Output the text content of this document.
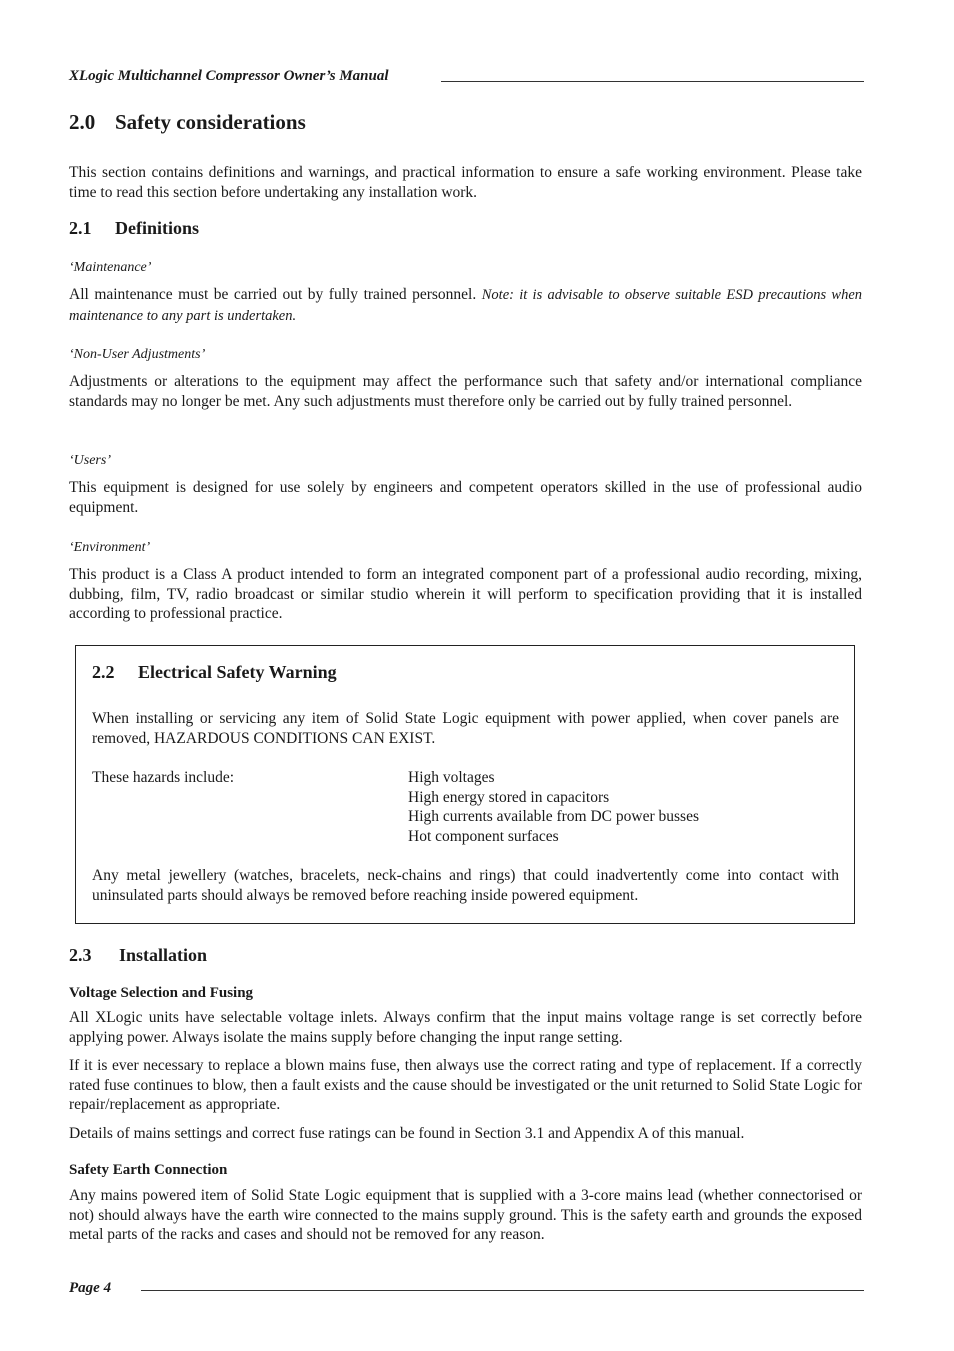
XLogic Multichannel Compressor Owner’s Manual
2.0 Safety considerations
This section contains definitions and warnings, and practical information to ensure a safe working environment. Please take time to read this section before undertaking any installation work.
2.1 Definitions
‘Maintenance’
All maintenance must be carried out by fully trained personnel. Note: it is advisable to observe suitable ESD precautions when maintenance to any part is undertaken.
‘Non-User Adjustments’
Adjustments or alterations to the equipment may affect the performance such that safety and/or international compliance standards may no longer be met. Any such adjustments must therefore only be carried out by fully trained personnel.
‘Users’
This equipment is designed for use solely by engineers and competent operators skilled in the use of professional audio equipment.
‘Environment’
This product is a Class A product intended to form an integrated component part of a professional audio recording, mixing, dubbing, film, TV, radio broadcast or similar studio wherein it will perform to specification providing that it is installed according to professional practice.
2.2 Electrical Safety Warning
When installing or servicing any item of Solid State Logic equipment with power applied, when cover panels are removed, HAZARDOUS CONDITIONS CAN EXIST.
These hazards include:	High voltages
High energy stored in capacitors
High currents available from DC power busses
Hot component surfaces
Any metal jewellery (watches, bracelets, neck-chains and rings) that could inadvertently come into contact with uninsulated parts should always be removed before reaching inside powered equipment.
2.3 Installation
Voltage Selection and Fusing
All XLogic units have selectable voltage inlets. Always confirm that the input mains voltage range is set correctly before applying power. Always isolate the mains supply before changing the input range setting.
If it is ever necessary to replace a blown mains fuse, then always use the correct rating and type of replacement. If a correctly rated fuse continues to blow, then a fault exists and the cause should be investigated or the unit returned to Solid State Logic for repair/replacement as appropriate.
Details of mains settings and correct fuse ratings can be found in Section 3.1 and Appendix A of this manual.
Safety Earth Connection
Any mains powered item of Solid State Logic equipment that is supplied with a 3-core mains lead (whether connectorised or not) should always have the earth wire connected to the mains supply ground. This is the safety earth and grounds the exposed metal parts of the racks and cases and should not be removed for any reason.
Page 4
